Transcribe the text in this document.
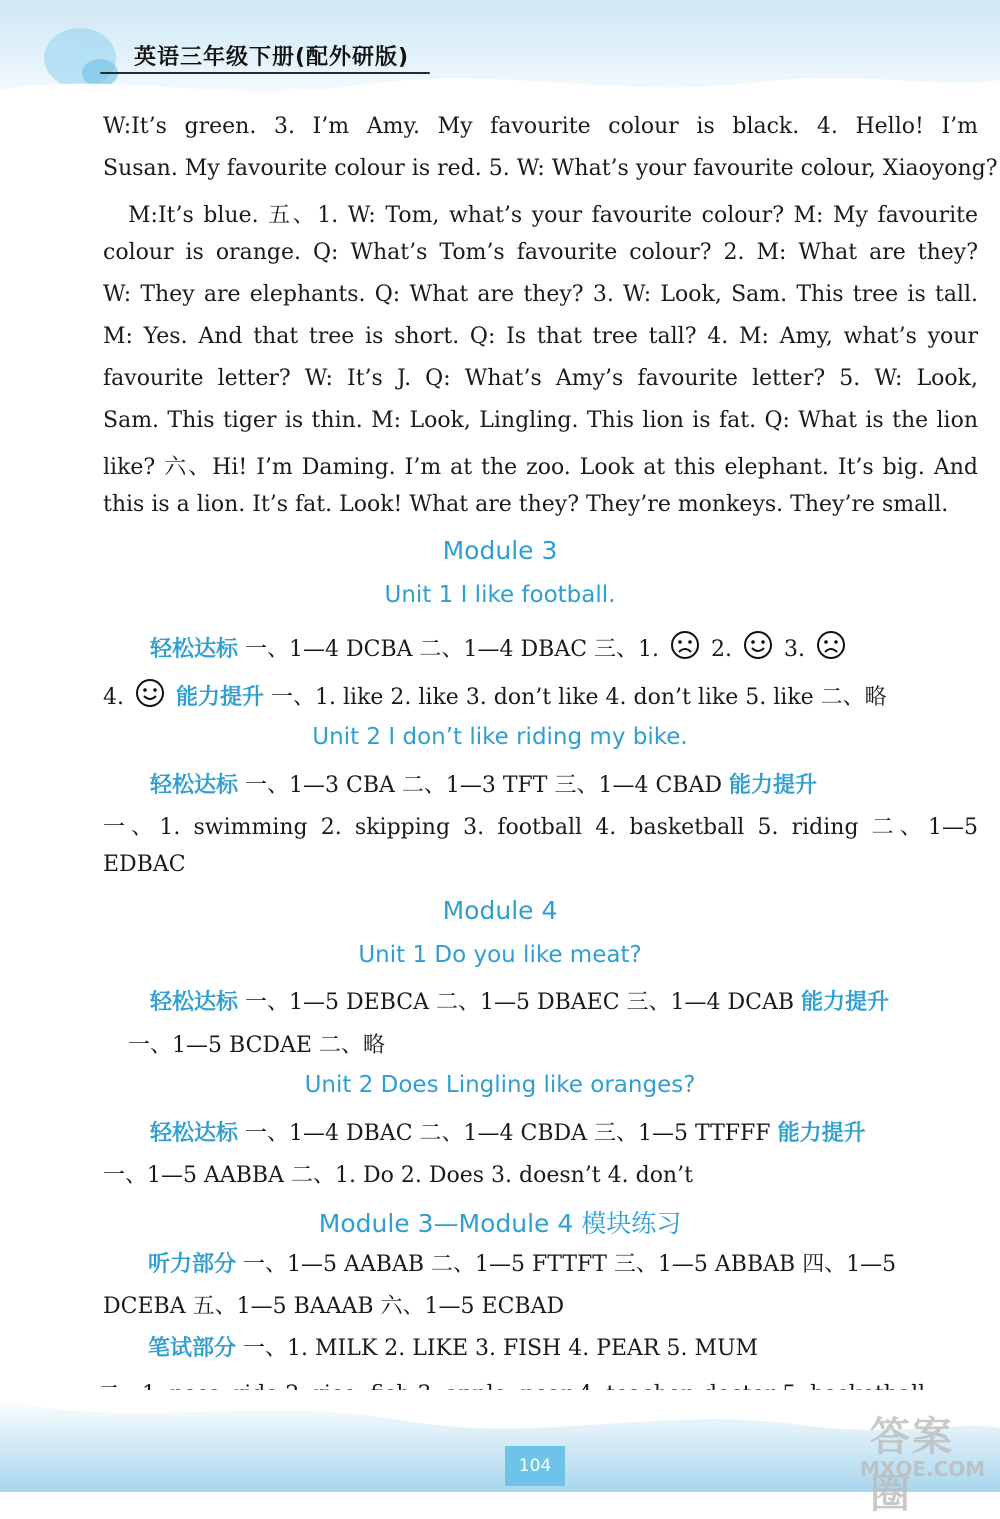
英语三年级下册(配外研版)
W:It’s green. 3. I’m Amy. My favourite colour is black. 4. Hello! I’m
Susan. My favourite colour is red. 5. W: What’s your favourite colour, Xiaoyong?
M:It’s blue. 五、1. W: Tom, what’s your favourite colour? M: My favourite
colour is orange. Q: What’s Tom’s favourite colour? 2. M: What are they?
W: They are elephants. Q: What are they? 3. W: Look, Sam. This tree is tall.
M: Yes. And that tree is short. Q: Is that tree tall? 4. M: Amy, what’s your
favourite letter? W: It’s J. Q: What’s Amy’s favourite letter? 5. W: Look,
Sam. This tiger is thin. M: Look, Lingling. This lion is fat. Q: What is the lion
like? 六、Hi! I’m Daming. I’m at the zoo. Look at this elephant. It’s big. And
this is a lion. It’s fat. Look! What are they? They’re monkeys. They’re small.
Module 3
Unit 1 I like football.
轻松达标 一、1—4 DCBA 二、1—4 DBAC 三、1. 2. 3.
4. 能力提升 一、1. like 2. like 3. don’t like 4. don’t like 5. like 二、略
Unit 2 I don’t like riding my bike.
轻松达标 一、1—3 CBA 二、1—3 TFT 三、1—4 CBAD 能力提升
一、1. swimming 2. skipping 3. football 4. basketball 5. riding 二、1—5
EDBAC
Module 4
Unit 1 Do you like meat?
轻松达标 一、1—5 DEBCA 二、1—5 DBAEC 三、1—4 DCAB 能力提升
一、1—5 BCDAE 二、略
Unit 2 Does Lingling like oranges?
轻松达标 一、1—4 DBAC 二、1—4 CBDA 三、1—5 TTFFF 能力提升
一、1—5 AABBA 二、1. Do 2. Does 3. doesn’t 4. don’t
Module 3—Module 4 模块练习
听力部分 一、1—5 AABAB 二、1—5 FTTFT 三、1—5 ABBAB 四、1—5
DCEBA 五、1—5 BAAAB 六、1—5 ECBAD
笔试部分 一、1. MILK 2. LIKE 3. FISH 4. PEAR 5. MUM
104
答案圈
MXQE.COM
